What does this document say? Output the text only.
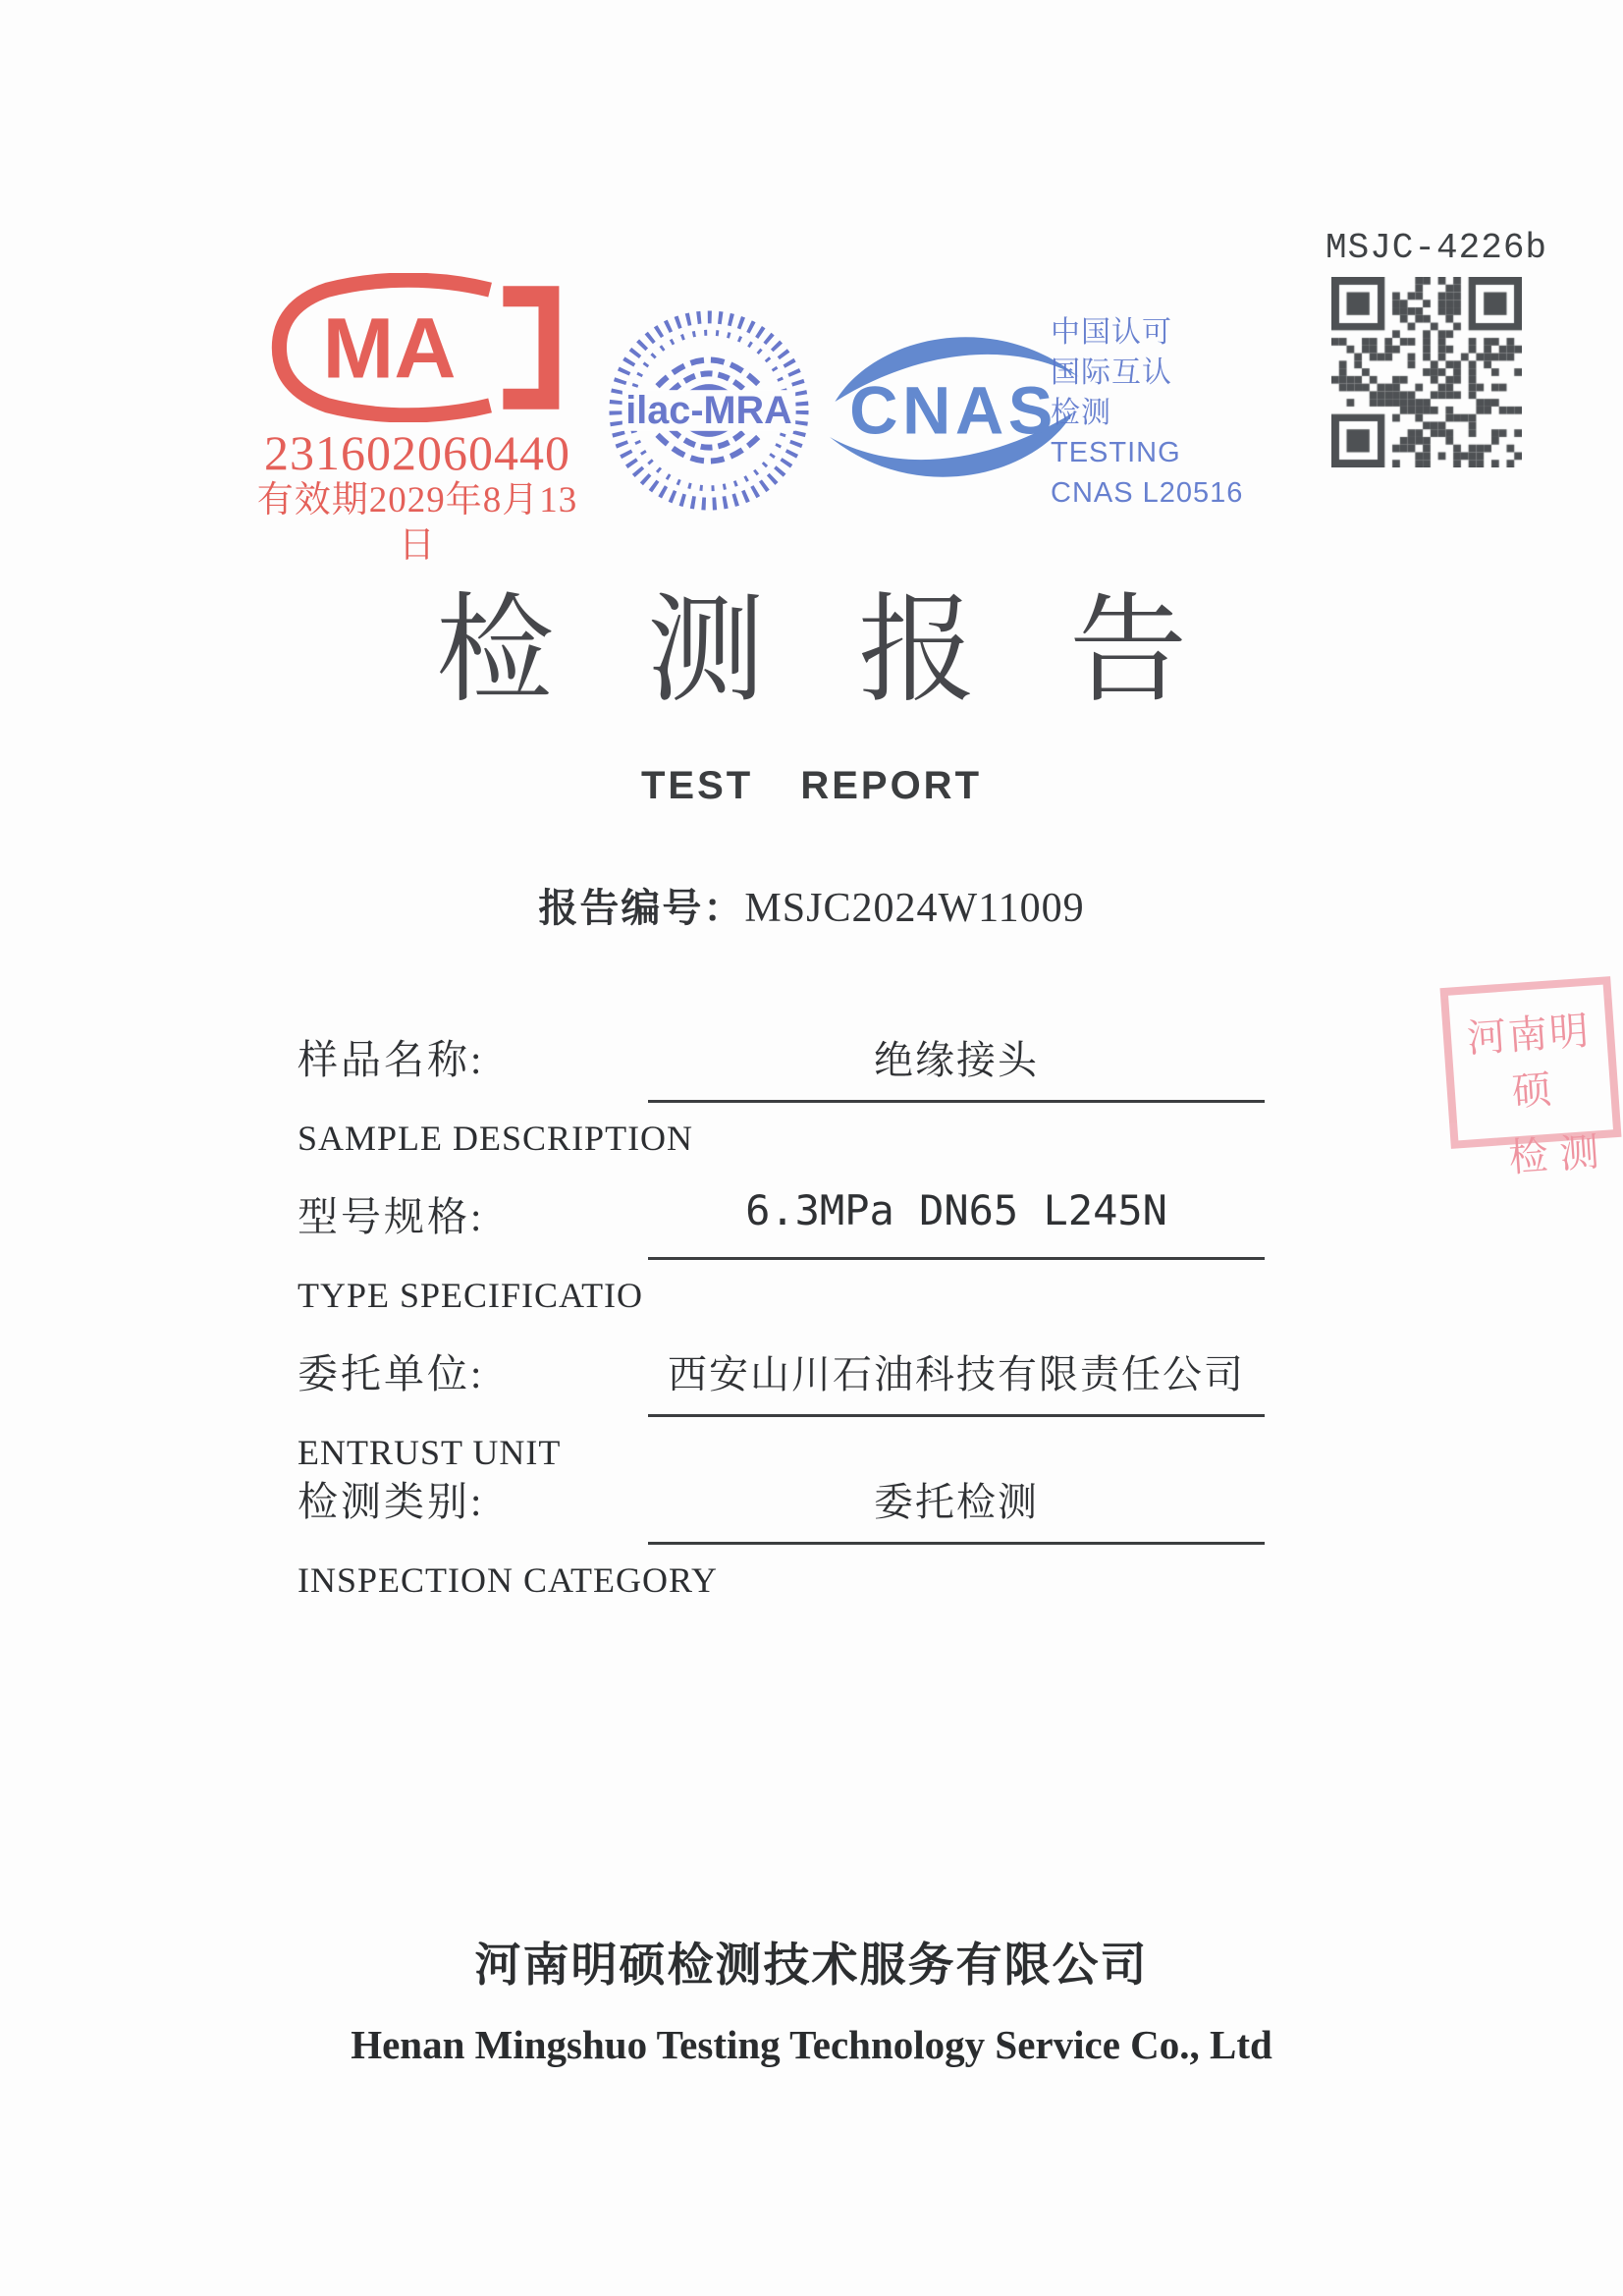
MA
231602060440
有效期2029年8月13日
ilac-MRA CNAS
中国认可
国际互认
检测
TESTING
CNAS L20516
MSJC-4226b
检测报告
TEST REPORT
报告编号：MSJC2024W11009
样品名称:	绝缘接头
SAMPLE DESCRIPTION
型号规格:	6.3MPa DN65 L245N
TYPE SPECIFICATIO
委托单位:	西安山川石油科技有限责任公司
ENTRUST UNIT
检测类别:	委托检测
INSPECTION CATEGORY
河南明硕
检测
河南明硕检测技术服务有限公司
Henan Mingshuo Testing Technology Service Co., Ltd
